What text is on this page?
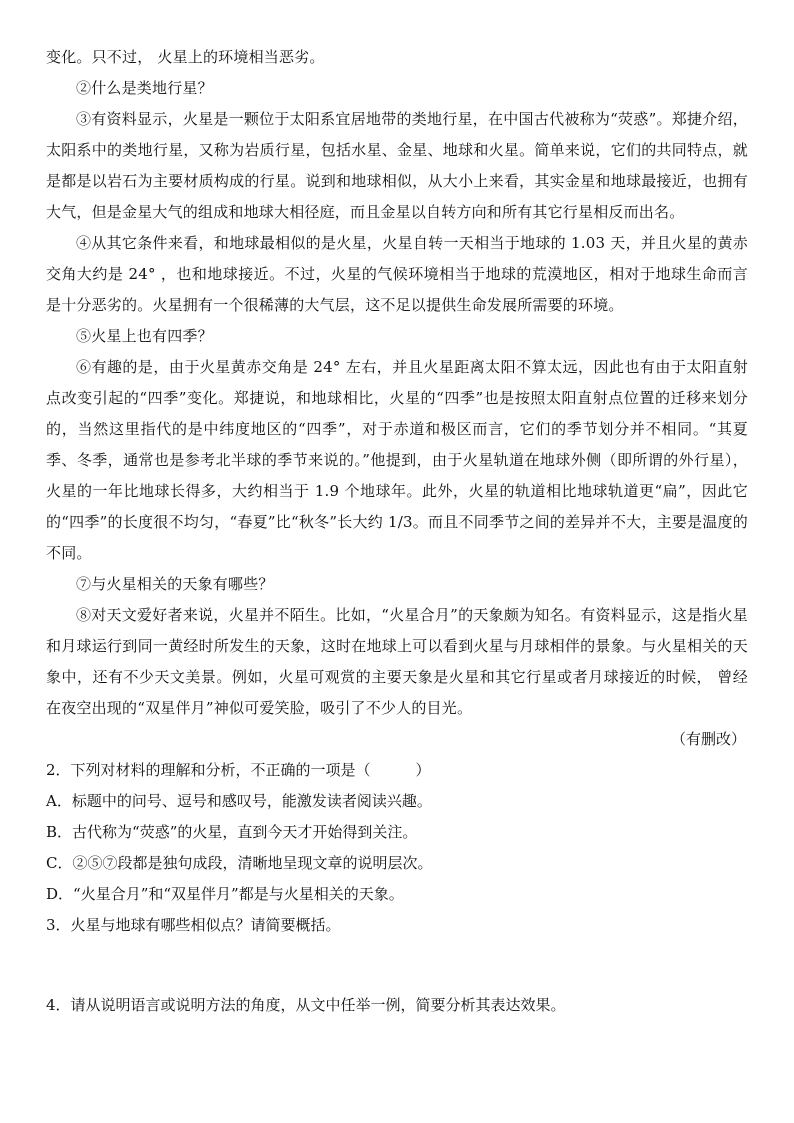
变化。只不过， 火星上的环境相当恶劣。

②什么是类地行星？

③有资料显示，火星是一颗位于太阳系宜居地带的类地行星，在中国古代被称为“荧惑”。郑捷介绍，太阳系中的类地行星，又称为岩质行星，包括水星、金星、地球和火星。简单来说，它们的共同特点，就是都是以岩石为主要材质构成的行星。说到和地球相似，从大小上来看，其实金星和地球最接近，也拥有大气，但是金星大气的组成和地球大相径庭，而且金星以自转方向和所有其它行星相反而出名。

④从其它条件来看，和地球最相似的是火星，火星自转一天相当于地球的 1.03 天，并且火星的黄赤交角大约是 24° ，也和地球接近。不过，火星的气候环境相当于地球的荒漠地区，相对于地球生命而言是十分恶劣的。火星拥有一个很稀薄的大气层，这不足以提供生命发展所需要的环境。

⑤火星上也有四季？

⑥有趣的是，由于火星黄赤交角是 24° 左右，并且火星距离太阳不算太远，因此也有由于太阳直射点改变引起的“四季”变化。郑捷说，和地球相比，火星的“四季”也是按照太阳直射点位置的迁移来划分的，当然这里指代的是中纬度地区的“四季”，对于赤道和极区而言，它们的季节划分并不相同。“其夏季、冬季，通常也是参考北半球的季节来说的。”他提到，由于火星轨道在地球外侧（即所谓的外行星），火星的一年比地球长得多，大约相当于 1.9 个地球年。此外，火星的轨道相比地球轨道更“扁”，因此它的“四季”的长度很不均匀，“春夏”比“秋冬”长大约 1/3。而且不同季节之间的差异并不大，主要是温度的不同。

⑦与火星相关的天象有哪些？

⑧对天文爱好者来说，火星并不陌生。比如，“火星合月”的天象颇为知名。有资料显示，这是指火星和月球运行到同一黄经时所发生的天象，这时在地球上可以看到火星与月球相伴的景象。与火星相关的天象中，还有不少天文美景。例如，火星可观赏的主要天象是火星和其它行星或者月球接近的时候， 曾经在夜空出现的“双星伴月”神似可爱笑脸，吸引了不少人的目光。

（有删改）

2．下列对材料的理解和分析，不正确的一项是（　　　）

A．标题中的问号、逗号和感叹号，能激发读者阅读兴趣。

B．古代称为“荧惑”的火星，直到今天才开始得到关注。

C．②⑤⑦段都是独句成段，清晰地呈现文章的说明层次。

D．“火星合月”和“双星伴月”都是与火星相关的天象。

3．火星与地球有哪些相似点？请简要概括。

4．请从说明语言或说明方法的角度，从文中任举一例，简要分析其表达效果。
